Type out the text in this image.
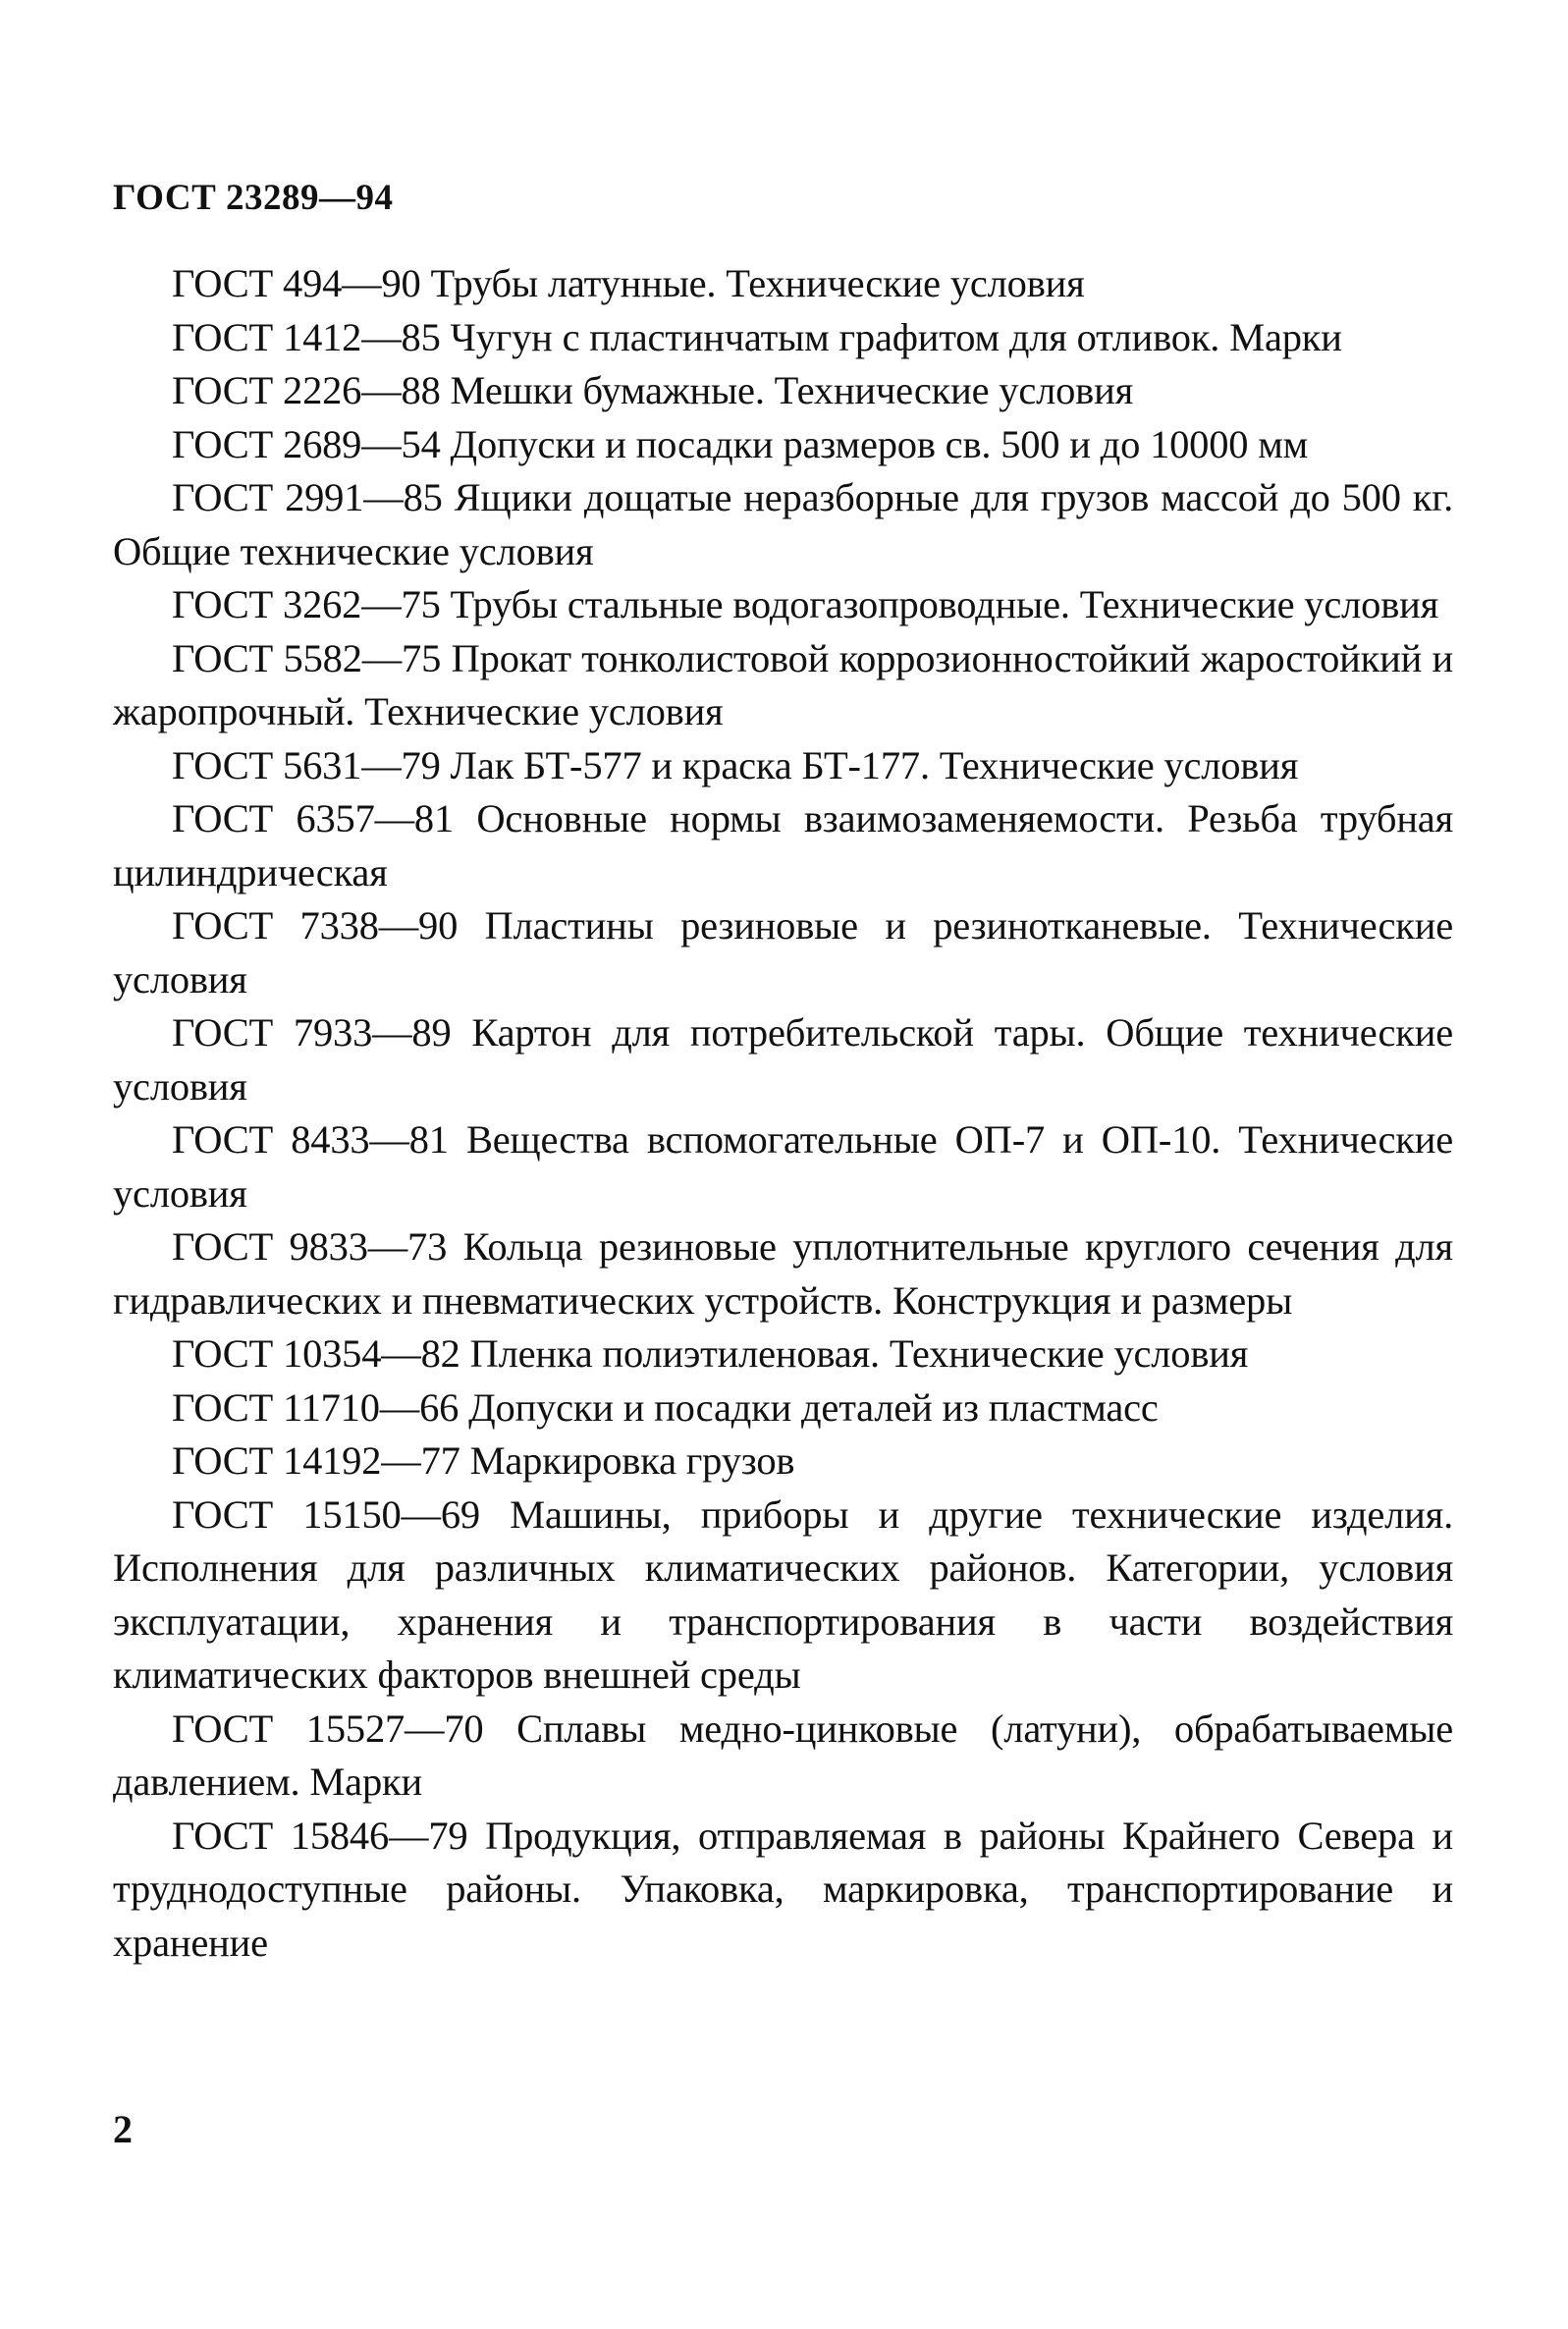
ГОСТ 23289—94
ГОСТ 494—90 Трубы латунные. Технические условия
ГОСТ 1412—85 Чугун с пластинчатым графитом для отливок. Марки
ГОСТ 2226—88 Мешки бумажные. Технические условия
ГОСТ 2689—54 Допуски и посадки размеров св. 500 и до 10000 мм
ГОСТ 2991—85 Ящики дощатые неразборные для грузов массой до 500 кг. Общие технические условия
ГОСТ 3262—75 Трубы стальные водогазопроводные. Технические условия
ГОСТ 5582—75 Прокат тонколистовой коррозионностойкий жаростойкий и жаропрочный. Технические условия
ГОСТ 5631—79 Лак БТ-577 и краска БТ-177. Технические условия
ГОСТ 6357—81 Основные нормы взаимозаменяемости. Резьба трубная цилиндрическая
ГОСТ 7338—90 Пластины резиновые и резинотканевые. Технические условия
ГОСТ 7933—89 Картон для потребительской тары. Общие технические условия
ГОСТ 8433—81 Вещества вспомогательные ОП-7 и ОП-10. Технические условия
ГОСТ 9833—73 Кольца резиновые уплотнительные круглого сечения для гидравлических и пневматических устройств. Конструкция и размеры
ГОСТ 10354—82 Пленка полиэтиленовая. Технические условия
ГОСТ 11710—66 Допуски и посадки деталей из пластмасс
ГОСТ 14192—77 Маркировка грузов
ГОСТ 15150—69 Машины, приборы и другие технические изделия. Исполнения для различных климатических районов. Категории, условия эксплуатации, хранения и транспортирования в части воздействия климатических факторов внешней среды
ГОСТ 15527—70 Сплавы медно-цинковые (латуни), обрабатываемые давлением. Марки
ГОСТ 15846—79 Продукция, отправляемая в районы Крайнего Севера и труднодоступные районы. Упаковка, маркировка, транспортирование и хранение
2
